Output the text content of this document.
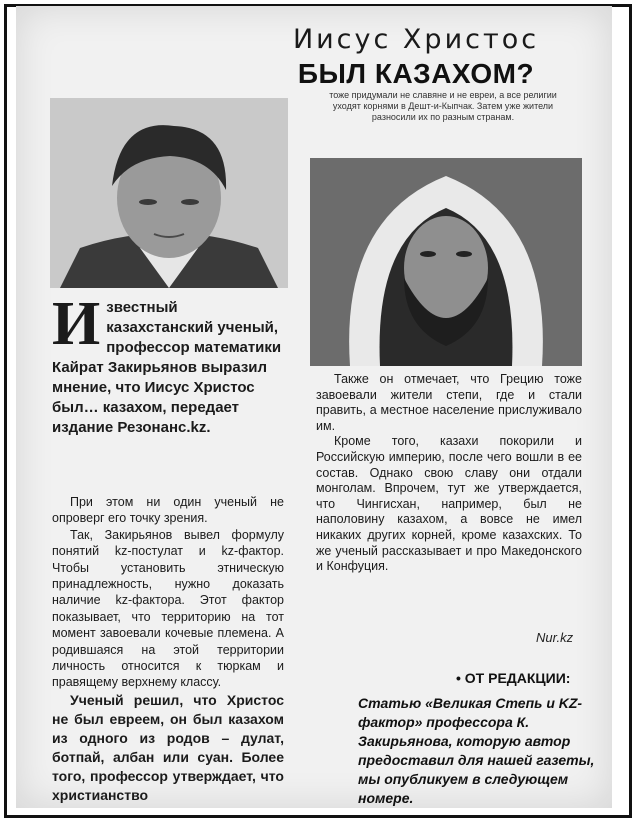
Иисус Христос
БЫЛ КАЗАХОМ?
тоже придумали не славяне и не евреи, а все религии уходят корнями в Дешт-и-Кыпчак. Затем уже жители разносили их по разным странам.
Известный казахстанский ученый, профессор математики Кайрат Закирьянов выразил мнение, что Иисус Христос был… казахом, передает издание Резонанс.kz.

При этом ни один ученый не опроверг его точку зрения.

Так, Закирьянов вывел формулу понятий kz-постулат и kz-фактор. Чтобы установить этническую принадлежность, нужно доказать наличие kz-фактора. Этот фактор показывает, что территорию на тот момент завоевали кочевые племена. А родившаяся на этой территории личность относится к тюркам и правящему верхнему классу.

Ученый решил, что Христос не был евреем, он был казахом из одного из родов – дулат, ботпай, албан или суан. Более того, профессор утверждает, что христианство

Также он отмечает, что Грецию тоже завоевали жители степи, где и стали править, а местное население прислуживало им.

Кроме того, казахи покорили и Российскую империю, после чего вошли в ее состав. Однако свою славу они отдали монголам. Впрочем, тут же утверждается, что Чингисхан, например, был не наполовину казахом, а вовсе не имел никаких других корней, кроме казахских. То же ученый рассказывает и про Македонского и Конфуция.

Nur.kz
• ОТ РЕДАКЦИИ:
Статью «Великая Степь и KZ-фактор» профессора К. Закирьянова, которую автор предоставил для нашей газеты, мы опубликуем в следующем номере.
